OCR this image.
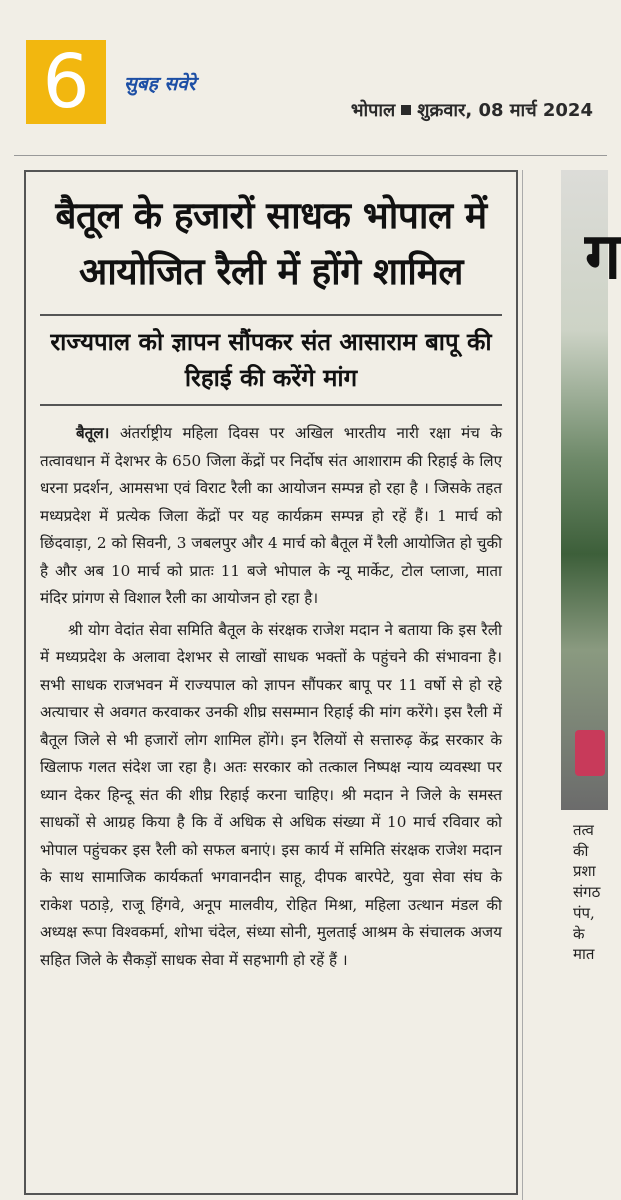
6	सुबह सवेरे
भोपाल शुक्रवार, 08 मार्च 2024
बैतूल के हजारों साधक भोपाल में आयोजित रैली में होंगे शामिल
राज्यपाल को ज्ञापन सौंपकर संत आसाराम बापू की रिहाई की करेंगे मांग

बैतूल। अंतर्राष्ट्रीय महिला दिवस पर अखिल भारतीय नारी रक्षा मंच के तत्वावधान में देशभर के 650 जिला केंद्रों पर निर्दोष संत आशाराम की रिहाई के लिए धरना प्रदर्शन, आमसभा एवं विराट रैली का आयोजन सम्पन्न हो रहा है । जिसके तहत मध्यप्रदेश में प्रत्येक जिला केंद्रों पर यह कार्यक्रम सम्पन्न हो रहें हैं। 1 मार्च को छिंदवाड़ा, 2 को सिवनी, 3 जबलपुर और 4 मार्च को बैतूल में रैली आयोजित हो चुकी है और अब 10 मार्च को प्रातः 11 बजे भोपाल के न्यू मार्केट, टोल प्लाजा, माता मंदिर प्रांगण से विशाल रैली का आयोजन हो रहा है।

श्री योग वेदांत सेवा समिति बैतूल के संरक्षक राजेश मदान ने बताया कि इस रैली में मध्यप्रदेश के अलावा देशभर से लाखों साधक भक्तों के पहुंचने की संभावना है। सभी साधक राजभवन में राज्यपाल को ज्ञापन सौंपकर बापू पर 11 वर्षो से हो रहे अत्याचार से अवगत करवाकर उनकी शीघ्र ससम्मान रिहाई की मांग करेंगे। इस रैली में बैतूल जिले से भी हजारों लोग शामिल होंगे। इन रैलियों से सत्तारुढ़ केंद्र सरकार के खिलाफ गलत संदेश जा रहा है। अतः सरकार को तत्काल निष्पक्ष न्याय व्यवस्था पर ध्यान देकर हिन्दू संत की शीघ्र रिहाई करना चाहिए। श्री मदान ने जिले के समस्त साधकों से आग्रह किया है कि वें अधिक से अधिक संख्या में 10 मार्च रविवार को भोपाल पहुंचकर इस रैली को सफल बनाएं। इस कार्य में समिति संरक्षक राजेश मदान के साथ सामाजिक कार्यकर्ता भगवानदीन साहू, दीपक बारपेटे, युवा सेवा संघ के राकेश पठाड़े, राजू हिंगवे, अनूप मालवीय, रोहित मिश्रा, महिला उत्थान मंडल की अध्यक्ष रूपा विश्वकर्मा, शोभा चंदेल, संध्या सोनी, मुलताई आश्रम के संचालक अजय सहित जिले के सैकड़ों साधक सेवा में सहभागी हो रहें हैं ।

ग
तत्व
की
प्रशा
संगठ
पंप,
के
मात
